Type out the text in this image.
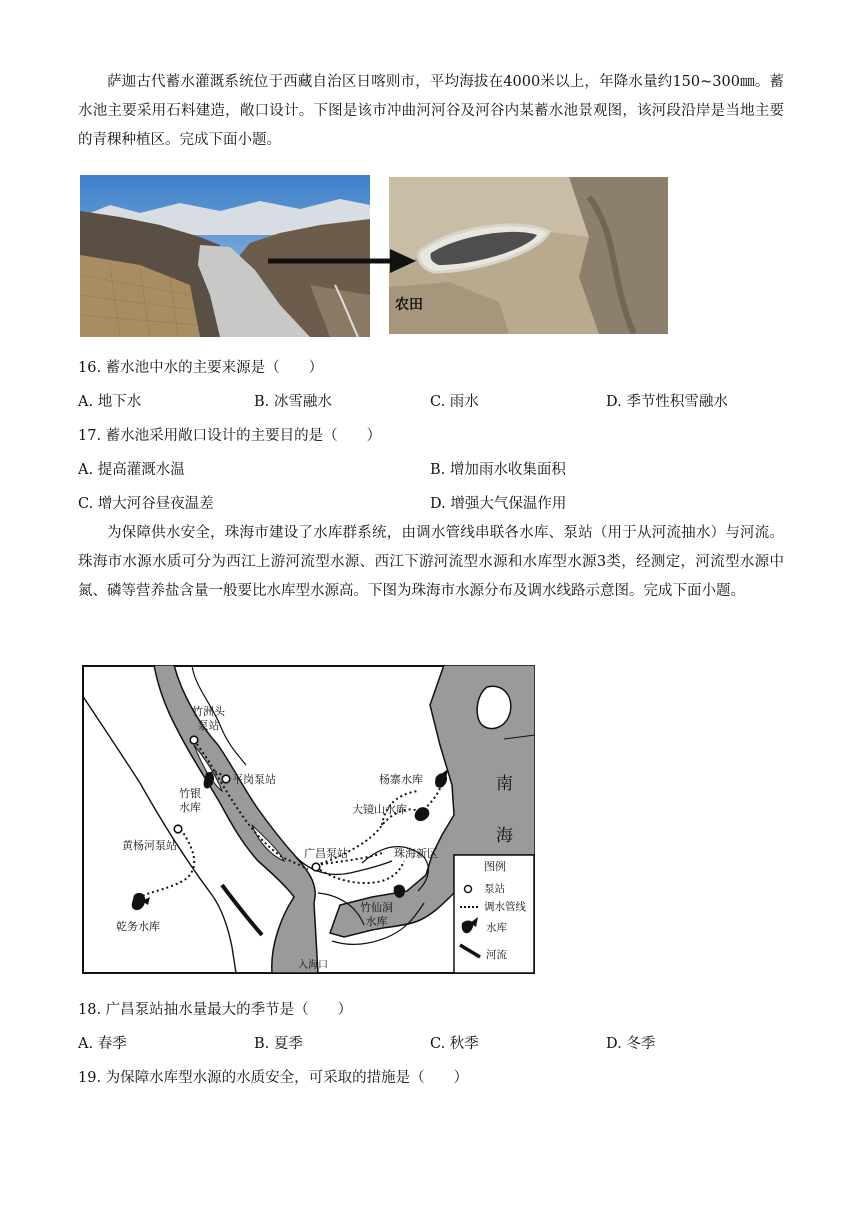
萨迦古代蓄水灌溉系统位于西藏自治区日喀则市，平均海拔在4000米以上，年降水量约150~300㎜。蓄水池主要采用石料建造，敞口设计。下图是该市冲曲河河谷及河谷内某蓄水池景观图，该河段沿岸是当地主要的青稞种植区。完成下面小题。
农田
16. 蓄水池中水的主要来源是（　　）
A. 地下水	B. 冰雪融水	C. 雨水	D. 季节性积雪融水
17. 蓄水池采用敞口设计的主要目的是（　　）
A. 提高灌溉水温	B. 增加雨水收集面积
C. 增大河谷昼夜温差	D. 增强大气保温作用
为保障供水安全，珠海市建设了水库群系统，由调水管线串联各水库、泵站（用于从河流抽水）与河流。珠海市水源水质可分为西江上游河流型水源、西江下游河流型水源和水库型水源3类，经测定，河流型水源中氮、磷等营养盐含量一般要比水库型水源高。下图为珠海市水源分布及调水线路示意图。完成下面小题。
竹洲头
泵站
平岗泵站
竹银
水库
黄杨河泵站
乾务水库
杨寨水库
大镜山水库
南
海
珠海新区
广昌泵站
竹仙洞
水库
入海口
图例
泵站
调水管线
水库
河流
18. 广昌泵站抽水量最大的季节是（　　）
A. 春季	B. 夏季	C. 秋季	D. 冬季
19. 为保障水库型水源的水质安全，可采取的措施是（　　）
